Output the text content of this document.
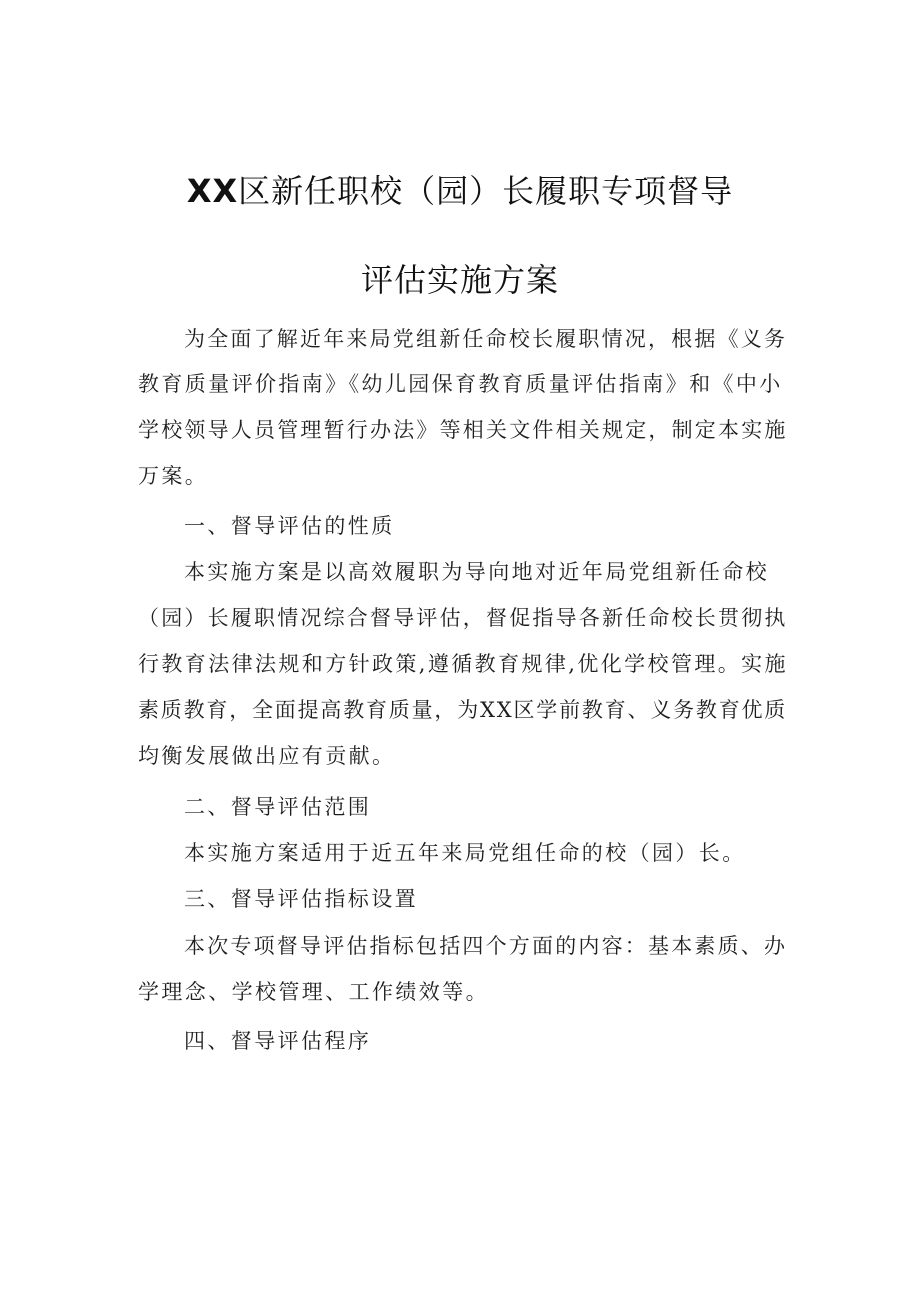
XX区新任职校（园）长履职专项督导
评估实施方案
为全面了解近年来局党组新任命校长履职情况，根据《义务
教育质量评价指南》《幼儿园保育教育质量评估指南》和《中小
学校领导人员管理暂行办法》等相关文件相关规定，制定本实施
万案。
一、督导评估的性质
本实施方案是以高效履职为导向地对近年局党组新任命校
（园）长履职情况综合督导评估，督促指导各新任命校长贯彻执
行教育法律法规和方针政策,遵循教育规律,优化学校管理。实施
素质教育，全面提高教育质量，为XX区学前教育、义务教育优质
均衡发展做出应有贡献。
二、督导评估范围
本实施方案适用于近五年来局党组任命的校（园）长。
三、督导评估指标设置
本次专项督导评估指标包括四个方面的内容：基本素质、办
学理念、学校管理、工作绩效等。
四、督导评估程序
